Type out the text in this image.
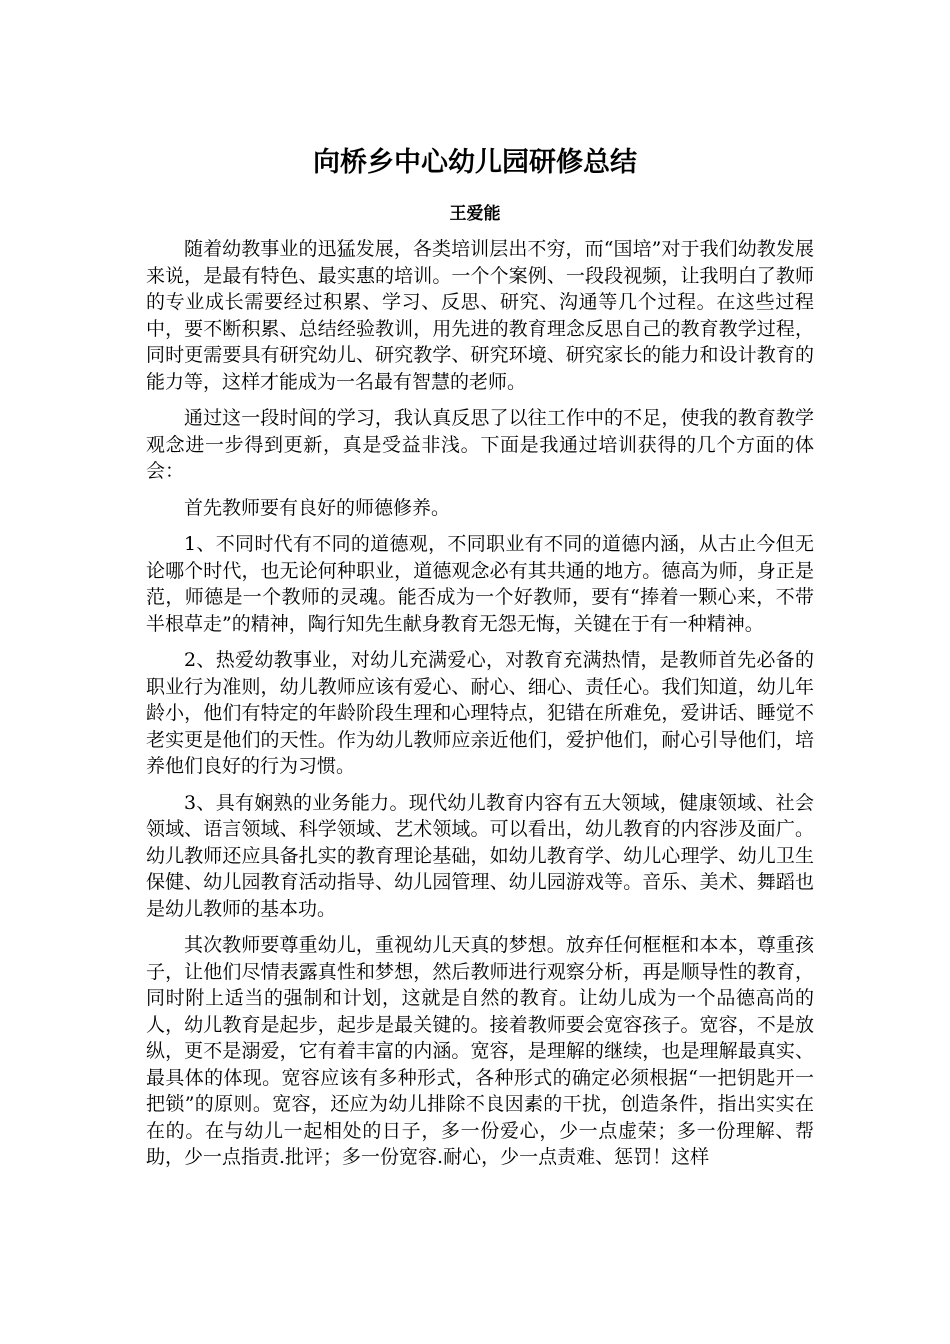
向桥乡中心幼儿园研修总结
王爱能

随着幼教事业的迅猛发展，各类培训层出不穷，而“国培”对于我们幼教发展来说，是最有特色、最实惠的培训。一个个案例、一段段视频，让我明白了教师的专业成长需要经过积累、学习、反思、研究、沟通等几个过程。在这些过程中，要不断积累、总结经验教训，用先进的教育理念反思自己的教育教学过程，同时更需要具有研究幼儿、研究教学、研究环境、研究家长的能力和设计教育的能力等，这样才能成为一名最有智慧的老师。

通过这一段时间的学习，我认真反思了以往工作中的不足，使我的教育教学观念进一步得到更新，真是受益非浅。下面是我通过培训获得的几个方面的体会：

首先教师要有良好的师德修养。

1、不同时代有不同的道德观，不同职业有不同的道德内涵，从古止今但无论哪个时代，也无论何种职业，道德观念必有其共通的地方。德高为师，身正是范，师德是一个教师的灵魂。能否成为一个好教师，要有“捧着一颗心来，不带半根草走”的精神，陶行知先生献身教育无怨无悔，关键在于有一种精神。

2、热爱幼教事业，对幼儿充满爱心，对教育充满热情，是教师首先必备的职业行为准则，幼儿教师应该有爱心、耐心、细心、责任心。我们知道，幼儿年龄小，他们有特定的年龄阶段生理和心理特点，犯错在所难免，爱讲话、睡觉不老实更是他们的天性。作为幼儿教师应亲近他们，爱护他们，耐心引导他们，培养他们良好的行为习惯。

3、具有娴熟的业务能力。现代幼儿教育内容有五大领域，健康领域、社会领域、语言领域、科学领域、艺术领域。可以看出，幼儿教育的内容涉及面广。幼儿教师还应具备扎实的教育理论基础，如幼儿教育学、幼儿心理学、幼儿卫生保健、幼儿园教育活动指导、幼儿园管理、幼儿园游戏等。音乐、美术、舞蹈也是幼儿教师的基本功。

其次教师要尊重幼儿，重视幼儿天真的梦想。放弃任何框框和本本，尊重孩子，让他们尽情表露真性和梦想，然后教师进行观察分析，再是顺导性的教育，同时附上适当的强制和计划，这就是自然的教育。让幼儿成为一个品德高尚的人，幼儿教育是起步，起步是最关键的。接着教师要会宽容孩子。宽容，不是放纵，更不是溺爱，它有着丰富的内涵。宽容，是理解的继续，也是理解最真实、最具体的体现。宽容应该有多种形式，各种形式的确定必须根据“一把钥匙开一把锁”的原则。宽容，还应为幼儿排除不良因素的干扰，创造条件，指出实实在在的。在与幼儿一起相处的日子，多一份爱心，少一点虚荣；多一份理解、帮助，少一点指责.批评；多一份宽容.耐心，少一点责难、惩罚！这样
